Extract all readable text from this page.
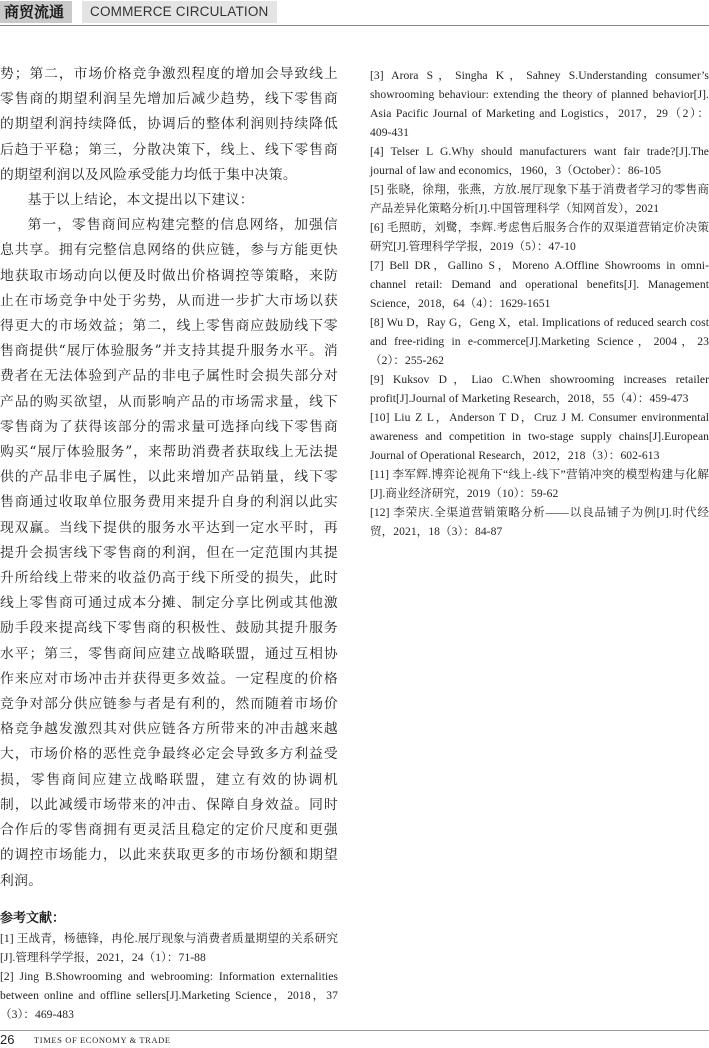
商贸流通	COMMERCE CIRCULATION

势；第二，市场价格竞争激烈程度的增加会导致线上零售商的期望利润呈先增加后减少趋势，线下零售商的期望利润持续降低，协调后的整体利润则持续降低后趋于平稳；第三，分散决策下，线上、线下零售商的期望利润以及风险承受能力均低于集中决策。

基于以上结论，本文提出以下建议：

第一，零售商间应构建完整的信息网络，加强信息共享。拥有完整信息网络的供应链，参与方能更快地获取市场动向以便及时做出价格调控等策略，来防止在市场竞争中处于劣势，从而进一步扩大市场以获得更大的市场效益；第二，线上零售商应鼓励线下零售商提供“展厅体验服务”并支持其提升服务水平。消费者在无法体验到产品的非电子属性时会损失部分对产品的购买欲望，从而影响产品的市场需求量，线下零售商为了获得该部分的需求量可选择向线下零售商购买“展厅体验服务”，来帮助消费者获取线上无法提供的产品非电子属性，以此来增加产品销量，线下零售商通过收取单位服务费用来提升自身的利润以此实现双赢。当线下提供的服务水平达到一定水平时，再提升会损害线下零售商的利润，但在一定范围内其提升所给线上带来的收益仍高于线下所受的损失，此时线上零售商可通过成本分摊、制定分享比例或其他激励手段来提高线下零售商的积极性、鼓励其提升服务水平；第三，零售商间应建立战略联盟，通过互相协作来应对市场冲击并获得更多效益。一定程度的价格竞争对部分供应链参与者是有利的，然而随着市场价格竞争越发激烈其对供应链各方所带来的冲击越来越大，市场价格的恶性竞争最终必定会导致多方利益受损，零售商间应建立战略联盟，建立有效的协调机制，以此减缓市场带来的冲击、保障自身效益。同时合作后的零售商拥有更灵活且稳定的定价尺度和更强的调控市场能力，以此来获取更多的市场份额和期望利润。

参考文献：

[1] 王战青，杨德锋，冉伦.展厅现象与消费者质量期望的关系研究[J].管理科学学报，2021，24（1）：71-88

[2] Jing B.Showrooming and webrooming: Information externalities between online and offline sellers[J].Marketing Science，2018，37（3）：469-483

[3] Arora S，Singha K，Sahney S.Understanding consumer’s showrooming behaviour: extending the theory of planned behavior[J]. Asia Pacific Journal of Marketing and Logistics，2017，29（2）：409-431

[4] Telser L G.Why should manufacturers want fair trade?[J].The journal of law and economics，1960，3（October）：86-105

[5] 张晓，徐翔，张燕，方放.展厅现象下基于消费者学习的零售商产品差异化策略分析[J].中国管理科学（知网首发），2021

[6] 毛照昉，刘鹭，李辉.考虑售后服务合作的双渠道营销定价决策研究[J].管理科学学报，2019（5）：47-10

[7] Bell DR，Gallino S，Moreno A.Offline Showrooms in omni-channel retail: Demand and operational benefits[J]. Management Science，2018，64（4）：1629-1651

[8] Wu D，Ray G，Geng X，etal. Implications of reduced search cost and free-riding in e-commerce[J].Marketing Science，2004，23（2）：255-262

[9] Kuksov D，Liao C.When showrooming increases retailer profit[J].Journal of Marketing Research，2018，55（4）：459-473

[10] Liu Z L，Anderson T D，Cruz J M. Consumer environmental awareness and competition in two-stage supply chains[J].European Journal of Operational Research，2012，218（3）：602-613

[11] 李军辉.博弈论视角下“线上-线下”营销冲突的模型构建与化解[J].商业经济研究，2019（10）：59-62

[12] 李荣庆.全渠道营销策略分析——以良品铺子为例[J].时代经贸，2021，18（3）：84-87

26 TIMES OF ECONOMY & TRADE
